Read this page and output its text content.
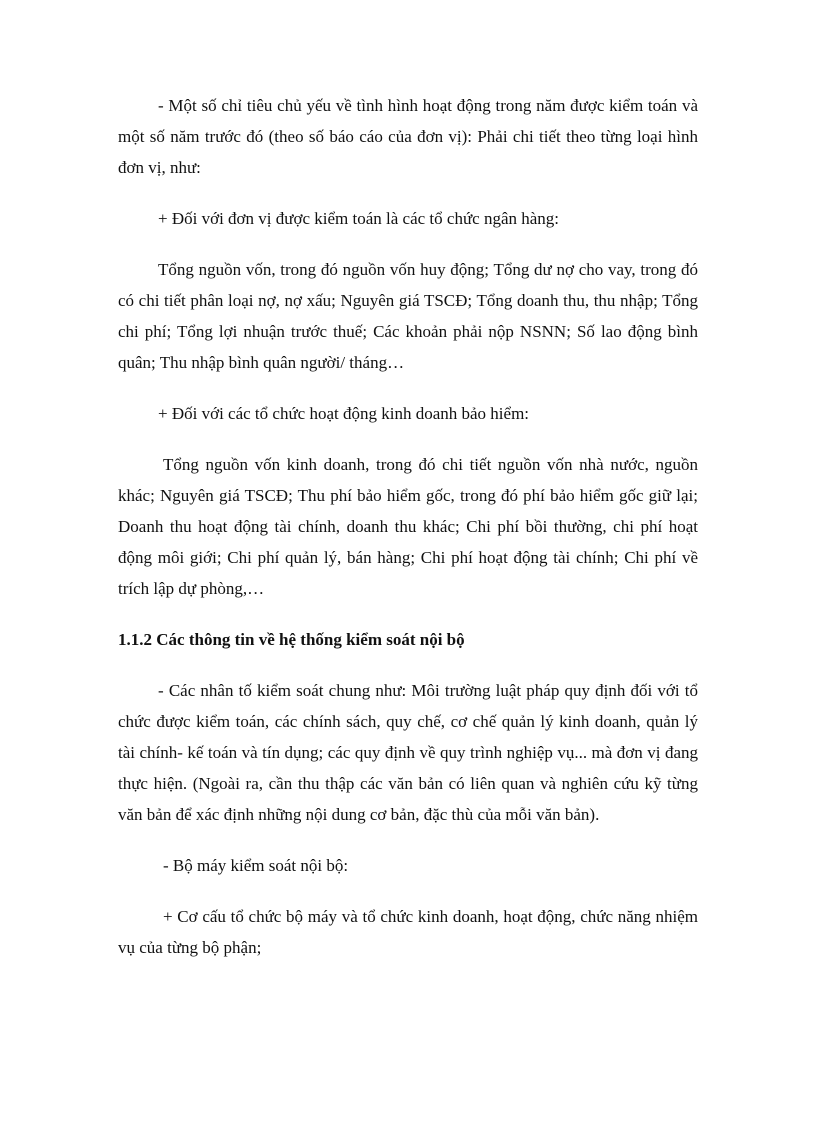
- Một số chỉ tiêu chủ yếu về tình hình hoạt động trong năm được kiểm toán và một số năm trước đó (theo số báo cáo của đơn vị): Phải chi tiết theo từng loại hình đơn vị, như:

+ Đối với đơn vị được kiểm toán là các tổ chức ngân hàng:

Tổng nguồn vốn, trong đó nguồn vốn huy động; Tổng dư nợ cho vay, trong đó có chi tiết phân loại nợ, nợ xấu; Nguyên giá TSCĐ; Tổng doanh thu, thu nhập; Tổng chi phí; Tổng lợi nhuận trước thuế; Các khoản phải nộp NSNN; Số lao động bình quân; Thu nhập bình quân người/ tháng…

+ Đối với các tổ chức hoạt động kinh doanh bảo hiểm:

Tổng nguồn vốn kinh doanh, trong đó chi tiết nguồn vốn nhà nước, nguồn khác; Nguyên giá TSCĐ; Thu phí bảo hiểm gốc, trong đó phí bảo hiểm gốc giữ lại; Doanh thu hoạt động tài chính, doanh thu khác; Chi phí bồi thường, chi phí hoạt động môi giới; Chi phí quản lý, bán hàng; Chi phí hoạt động tài chính; Chi phí về trích lập dự phòng,…

1.1.2 Các thông tin về hệ thống kiểm soát nội bộ

- Các nhân tố kiểm soát chung như: Môi trường luật pháp quy định đối với tổ chức được kiểm toán, các chính sách, quy chế, cơ chế quản lý kinh doanh, quản lý tài chính- kế toán và tín dụng; các quy định về quy trình nghiệp vụ... mà đơn vị đang thực hiện. (Ngoài ra, cần thu thập các văn bản có liên quan và nghiên cứu kỹ từng văn bản để xác định những nội dung cơ bản, đặc thù của mỗi văn bản).

- Bộ máy kiểm soát nội bộ:

+ Cơ cấu tổ chức bộ máy và tổ chức kinh doanh, hoạt động, chức năng nhiệm vụ của từng bộ phận;
